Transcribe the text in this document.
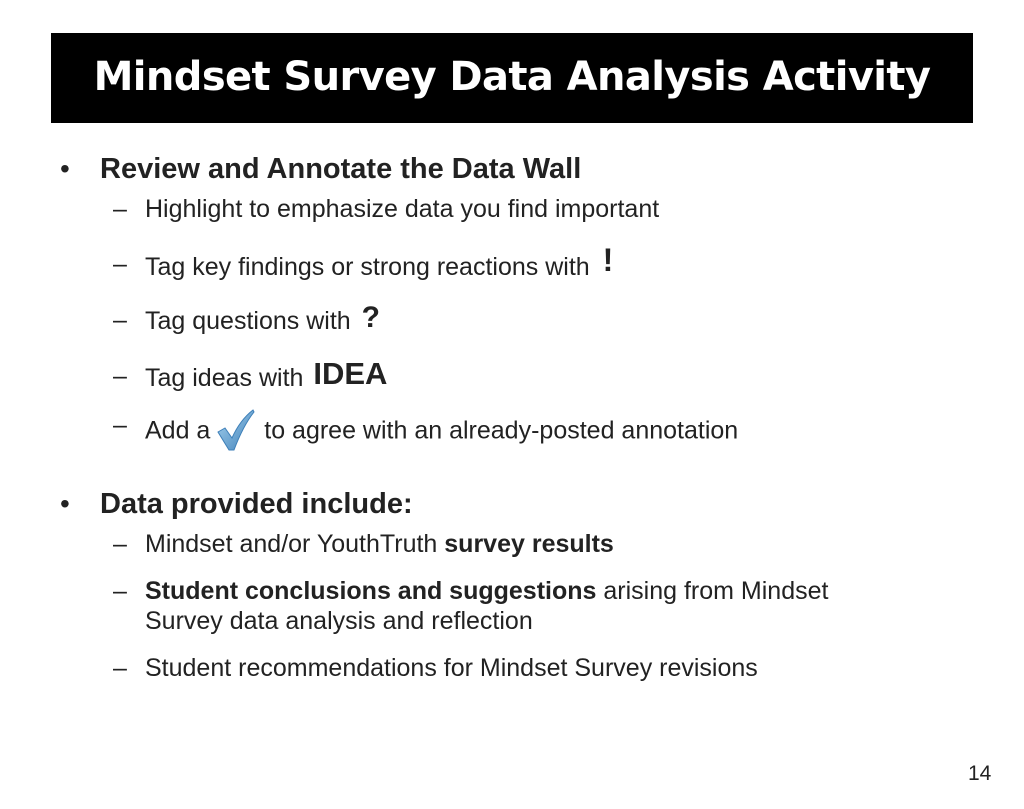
Mindset Survey Data Analysis Activity
• Review and Annotate the Data Wall
– Highlight to emphasize data you find important
– Tag key findings or strong reactions with !
– Tag questions with ?
– Tag ideas with IDEA
– Add a to agree with an already-posted annotation
• Data provided include:
– Mindset and/or YouthTruth survey results
– Student conclusions and suggestions arising from Mindset
Survey data analysis and reflection
– Student recommendations for Mindset Survey revisions
14
